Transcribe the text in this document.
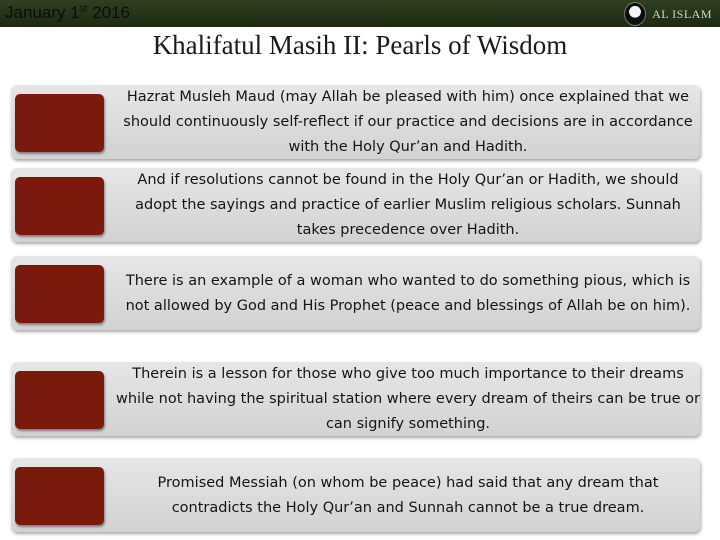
January 1st 2016	AL ISLAM
Khalifatul Masih II: Pearls of Wisdom
Hazrat Musleh Maud (may Allah be pleased with him) once explained that we should continuously self-reflect if our practice and decisions are in accordance with the Holy Qur’an and Hadith.
And if resolutions cannot be found in the Holy Qur’an or Hadith, we should adopt the sayings and practice of earlier Muslim religious scholars. Sunnah takes precedence over Hadith.
There is an example of a woman who wanted to do something pious, which is not allowed by God and His Prophet (peace and blessings of Allah be on him).
Therein is a lesson for those who give too much importance to their dreams while not having the spiritual station where every dream of theirs can be true or can signify something.
Promised Messiah (on whom be peace) had said that any dream that contradicts the Holy Qur’an and Sunnah cannot be a true dream.
